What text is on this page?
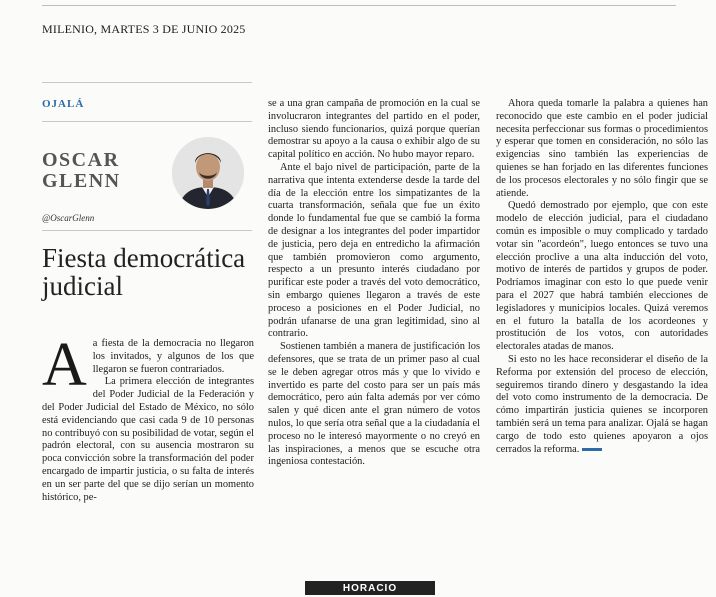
MILENIO, MARTES 3 DE JUNIO 2025
OJALÁ
OSCAR
GLENN
@OscarGlenn
Fiesta democrática judicial

Aa fiesta de la democracia no llegaron los invitados, y algunos de los que llegaron se fueron contrariados.

La primera elección de integrantes del Poder Judicial de la Federación y del Poder Judicial del Estado de México, no sólo está evidenciando que casi cada 9 de 10 personas no contribuyó con su posibilidad de votar, según el padrón electoral, con su ausencia mostraron su poca convicción sobre la transformación del poder encargado de impartir justicia, o su falta de interés en un ser parte del que se dijo serían un momento histórico, pe-

se a una gran campaña de promoción en la cual se involucraron integrantes del partido en el poder, incluso siendo funcionarios, quizá porque querían demostrar su apoyo a la causa o exhibir algo de su capital político en acción. No hubo mayor reparo.

Ante el bajo nivel de participación, parte de la narrativa que intenta extenderse desde la tarde del día de la elección entre los simpatizantes de la cuarta transformación, señala que fue un éxito donde lo fundamental fue que se cambió la forma de designar a los integrantes del poder impartidor de justicia, pero deja en entredicho la afirmación que también promovieron como argumento, respecto a un presunto interés ciudadano por purificar este poder a través del voto democrático, sin embargo quienes llegaron a través de este proceso a posiciones en el Poder Judicial, no podrán ufanarse de una gran legitimidad, sino al contrario.

Sostienen también a manera de justificación los defensores, que se trata de un primer paso al cual se le deben agregar otros más y que lo vivido e invertido es parte del costo para ser un país más democrático, pero aún falta además por ver cómo salen y qué dicen ante el gran número de votos nulos, lo que sería otra señal que a la ciudadanía el proceso no le interesó mayormente o no creyó en las inspiraciones, a menos que se escuche otra ingeniosa contestación.

Ahora queda tomarle la palabra a quienes han reconocido que este cambio en el poder judicial necesita perfeccionar sus formas o procedimientos y esperar que tomen en consideración, no sólo las exigencias sino también las experiencias de quienes se han forjado en las diferentes funciones de los procesos electorales y no sólo fingir que se atiende.

Quedó demostrado por ejemplo, que con este modelo de elección judicial, para el ciudadano común es imposible o muy complicado y tardado votar sin "acordeón", luego entonces se tuvo una elección proclive a una alta inducción del voto, motivo de interés de partidos y grupos de poder. Podríamos imaginar con esto lo que puede venir para el 2027 que habrá también elecciones de legisladores y municipios locales. Quizá veremos en el futuro la batalla de los acordeones y prostitución de los votos, con autoridades electorales atadas de manos.

Si esto no les hace reconsiderar el diseño de la Reforma por extensión del proceso de elección, seguiremos tirando dinero y desgastando la idea del voto como instrumento de la democracia. De cómo impartirán justicia quienes se incorporen también será un tema para analizar. Ojalá se hagan cargo de todo esto quienes apoyaron a ojos cerrados la reforma.

HORACIO
